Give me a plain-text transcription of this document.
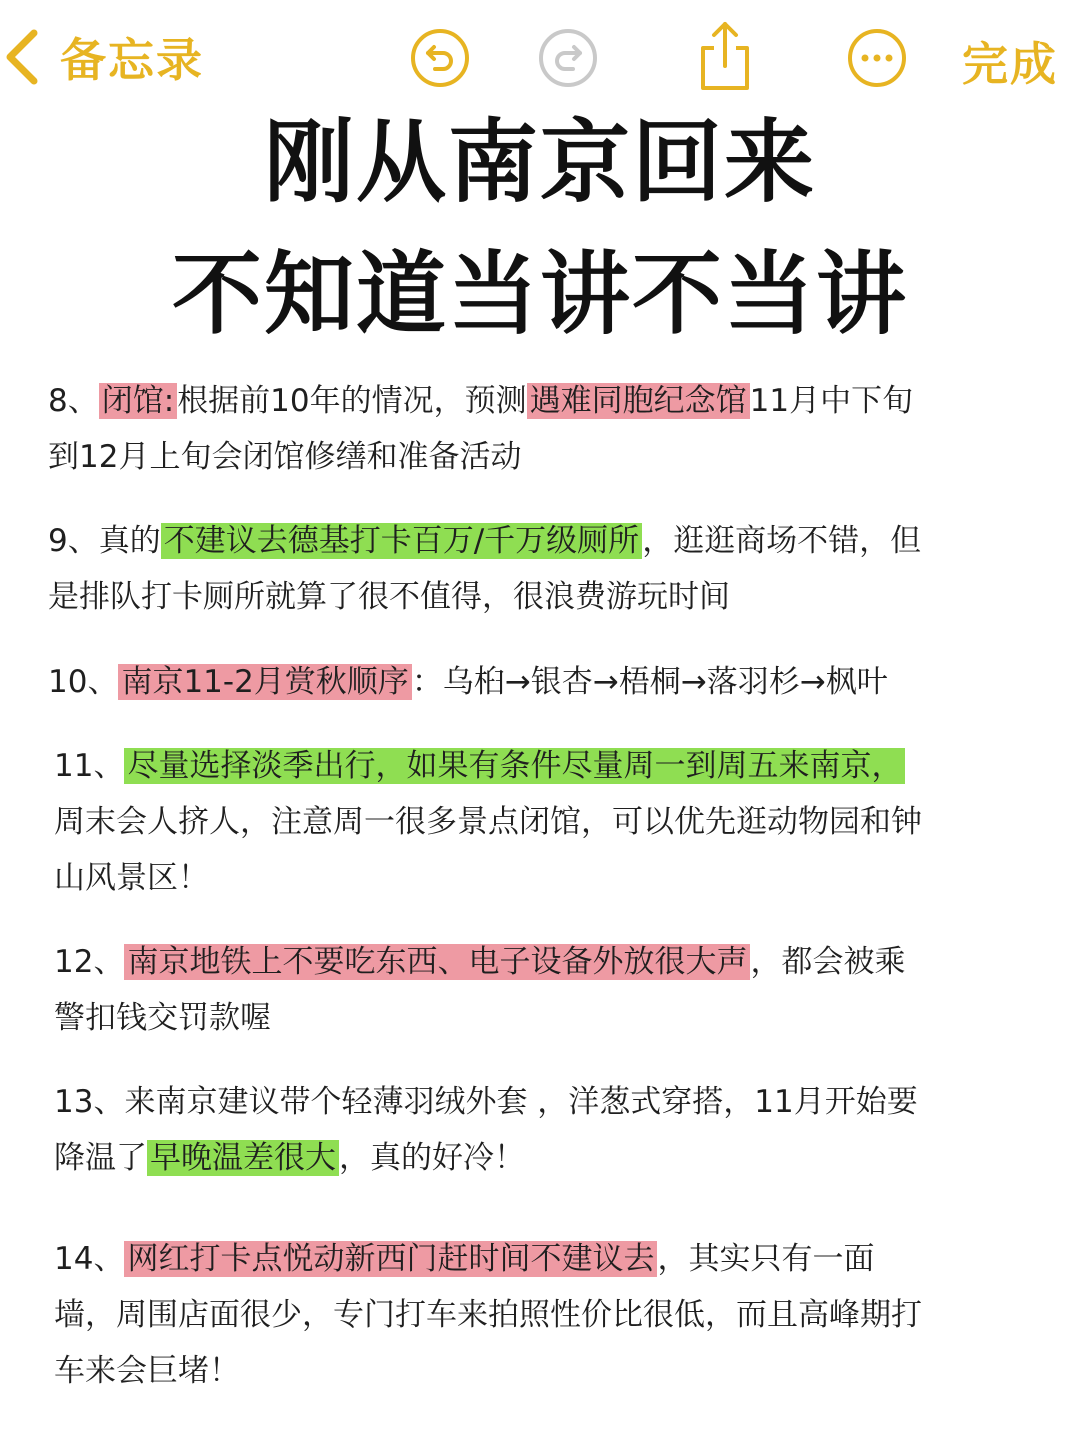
备忘录	完成
刚从南京回来
不知道当讲不当讲
8、闭馆:根据前10年的情况，预测遇难同胞纪念馆11月中下旬
到12月上旬会闭馆修缮和准备活动
9、真的不建议去德基打卡百万/千万级厕所，逛逛商场不错，但
是排队打卡厕所就算了很不值得，很浪费游玩时间
10、南京11-2月赏秋顺序：乌桕→银杏→梧桐→落羽杉→枫叶
11、尽量选择淡季出行，如果有条件尽量周一到周五来南京，
周末会人挤人，注意周一很多景点闭馆，可以优先逛动物园和钟
山风景区！
12、南京地铁上不要吃东西、电子设备外放很大声，都会被乘
警扣钱交罚款喔
13、来南京建议带个轻薄羽绒外套 ，洋葱式穿搭，11月开始要
降温了早晚温差很大，真的好冷！
14、网红打卡点悦动新西门赶时间不建议去，其实只有一面
墙，周围店面很少，专门打车来拍照性价比很低，而且高峰期打
车来会巨堵！
